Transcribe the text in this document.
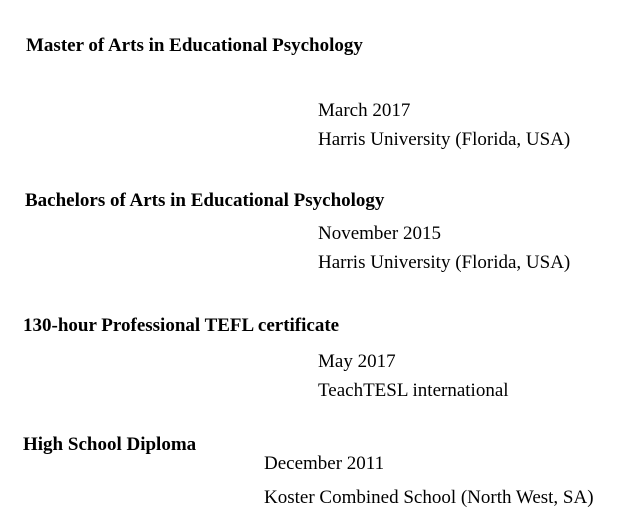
Master of Arts in Educational Psychology
March 2017
Harris University (Florida, USA)
Bachelors of Arts in Educational Psychology
November 2015
Harris University (Florida, USA)
130-hour Professional TEFL certificate
May 2017
TeachTESL international
High School Diploma
December 2011
Koster Combined School (North West, SA)
